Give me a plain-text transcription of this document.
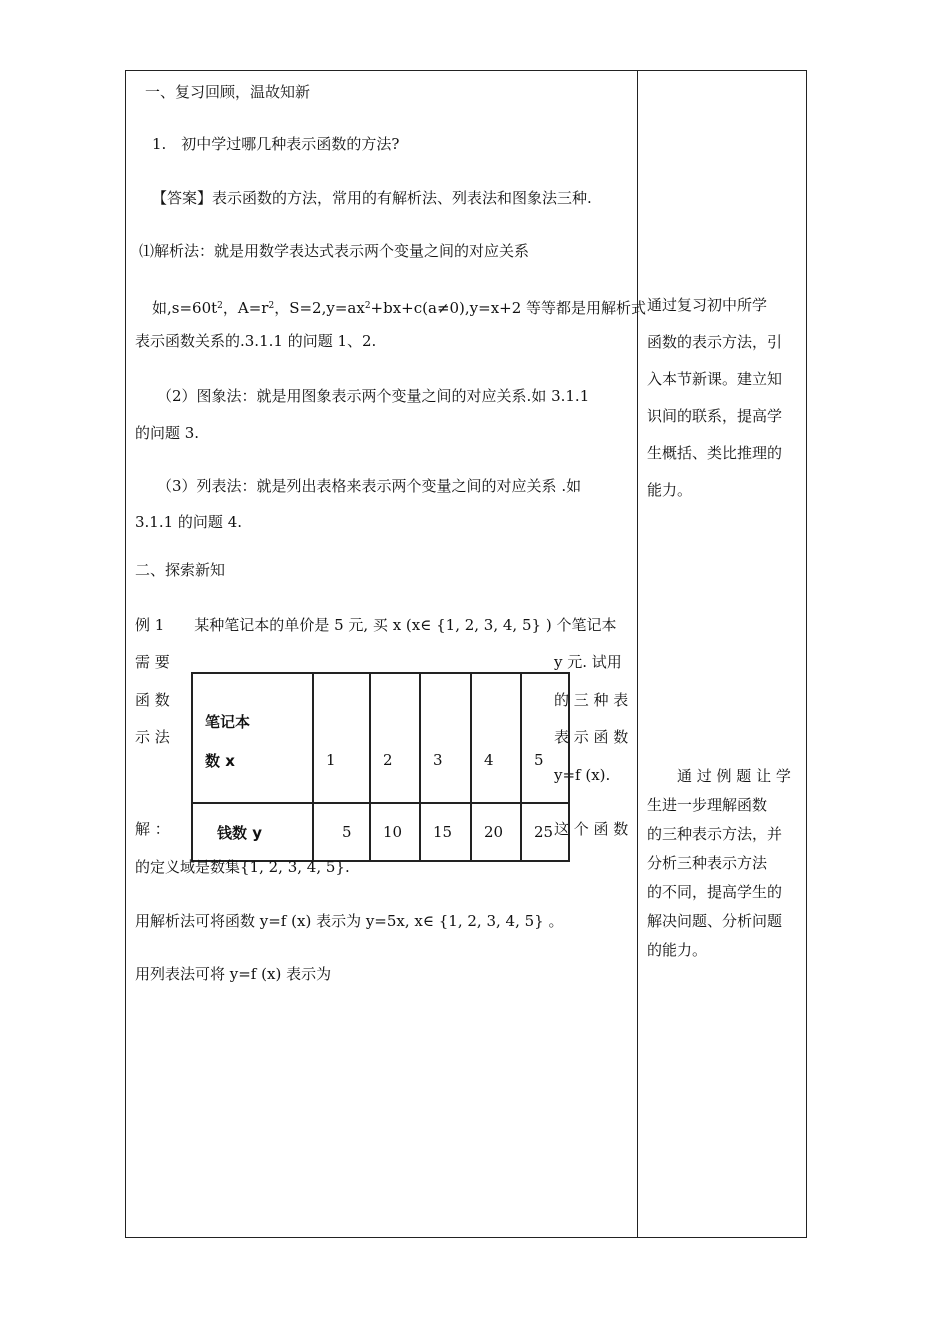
一、复习回顾，温故知新
1.　初中学过哪几种表示函数的方法?
【答案】表示函数的方法，常用的有解析法、列表法和图象法三种.
⑴解析法：就是用数学表达式表示两个变量之间的对应关系
如$,s=60t^2$，$A=r^2$，$S=2,y=ax^2+bx+c(a\ne 0),y=x+2$ 等等都是用解析式
表示函数关系的.3.1.1 的问题 1、2.
（2）图象法：就是用图象表示两个变量之间的对应关系.如 3.1.1
的问题 3.
（3）列表法：就是列出表格来表示两个变量之间的对应关系 .如
3.1.1 的问题 4.
二、探索新知
例 1　　某种笔记本的单价是 5 元, 买 x (x∈ {1, 2, 3, 4, 5} ) 个笔记本
需 要
函 数
示 法
解 ：
y 元. 试用
的 三 种 表
表 示 函 数
y=f (x).
这 个 函 数
笔记本
数 x	1	2	3	4	5
钱数 y	5	10	15	20	25
的定义域是数集{1, 2, 3, 4, 5}.
用解析法可将函数 y=f (x) 表示为 y=5x, x∈ {1, 2, 3, 4, 5} 。
用列表法可将 y=f (x) 表示为

通过复习初中所学

函数的表示方法，引

入本节新课。建立知

识间的联系，提高学

生概括、类比推理的

能力。

　　通 过 例 题 让 学

生进一步理解函数

的三种表示方法，并

分析三种表示方法

的不同，提高学生的

解决问题、分析问题

的能力。
